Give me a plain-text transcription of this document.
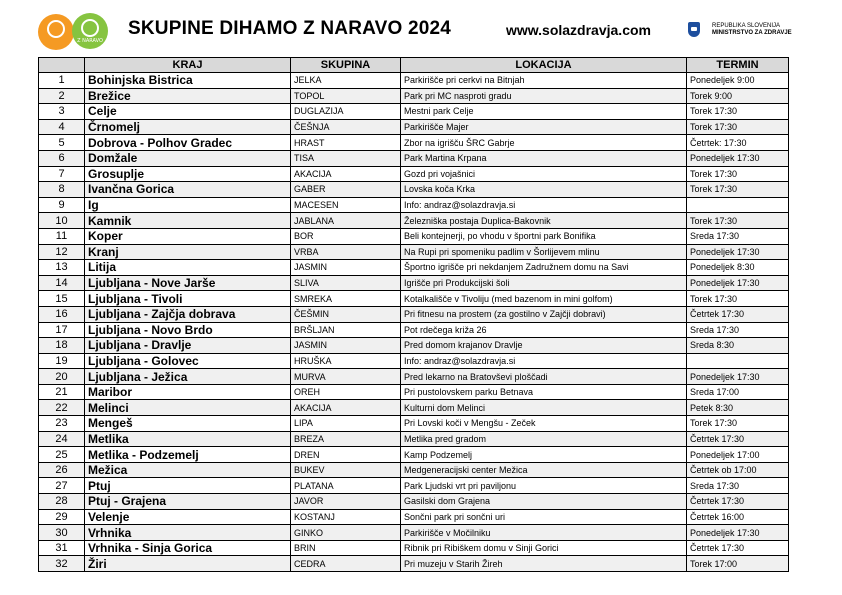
Z NARAVO
SKUPINE DIHAMO Z NARAVO 2024	www.solazdravja.com	REPUBLIKA SLOVENIJA
MINISTRSTVO ZA ZDRAVJE
	KRAJ	SKUPINA	LOKACIJA	TERMIN
1	Bohinjska Bistrica	JELKA	Parkirišče pri cerkvi na Bitnjah	Ponedeljek 9:00
2	Brežice	TOPOL	Park pri MC nasproti gradu	Torek 9:00
3	Celje	DUGLAZIJA	Mestni park Celje	Torek 17:30
4	Črnomelj	ČEŠNJA	Parkirišče Majer	Torek 17:30
5	Dobrova - Polhov Gradec	HRAST	Zbor na igrišču ŠRC Gabrje	Četrtek: 17:30
6	Domžale	TISA	Park Martina Krpana	Ponedeljek 17:30
7	Grosuplje	AKACIJA	Gozd pri vojašnici	Torek 17:30
8	Ivančna Gorica	GABER	Lovska koča Krka	Torek 17:30
9	Ig	MACESEN	Info: andraz@solazdravja.si	
10	Kamnik	JABLANA	Železniška postaja Duplica-Bakovnik	Torek 17:30
11	Koper	BOR	Beli kontejnerji, po vhodu v športni park Bonifika	Sreda 17:30
12	Kranj	VRBA	Na Rupi pri spomeniku padlim v Šorlijevem mlinu	Ponedeljek 17:30
13	Litija	JASMIN	Športno igrišče pri nekdanjem Zadružnem domu na Savi	Ponedeljek 8:30
14	Ljubljana - Nove Jarše	SLIVA	Igrišče pri Produkcijski šoli	Ponedeljek 17:30
15	Ljubljana - Tivoli	SMREKA	Kotalkališče v Tivoliju (med bazenom in mini golfom)	Torek 17:30
16	Ljubljana - Zajčja dobrava	ČEŠMIN	Pri fitnesu na prostem (za gostilno v Zajčji dobravi)	Četrtek 17:30
17	Ljubljana - Novo Brdo	BRŠLJAN	Pot rdečega križa 26	Sreda 17:30
18	Ljubljana - Dravlje	JASMIN	Pred domom krajanov Dravlje	Sreda 8:30
19	Ljubljana - Golovec	HRUŠKA	Info: andraz@solazdravja.si	
20	Ljubljana - Ježica	MURVA	Pred lekarno na Bratovševi ploščadi	Ponedeljek 17:30
21	Maribor	OREH	Pri pustolovskem parku Betnava	Sreda 17:00
22	Melinci	AKACIJA	Kulturni dom Melinci	Petek 8:30
23	Mengeš	LIPA	Pri Lovski koči v Mengšu - Zeček	Torek 17:30
24	Metlika	BREZA	Metlika pred gradom	Četrtek 17:30
25	Metlika - Podzemelj	DREN	Kamp Podzemelj	Ponedeljek 17:00
26	Mežica	BUKEV	Medgeneracijski center Mežica	Četrtek ob 17:00
27	Ptuj	PLATANA	Park Ljudski vrt pri paviljonu	Sreda 17:30
28	Ptuj - Grajena	JAVOR	Gasilski dom Grajena	Četrtek 17:30
29	Velenje	KOSTANJ	Sončni park pri sončni uri	Četrtek 16:00
30	Vrhnika	GINKO	Parkirišče v Močilniku	Ponedeljek 17:30
31	Vrhnika - Sinja Gorica	BRIN	Ribnik pri Ribiškem domu v Sinji Gorici	Četrtek 17:30
32	Žiri	CEDRA	Pri muzeju v Starih Žireh	Torek 17:00
